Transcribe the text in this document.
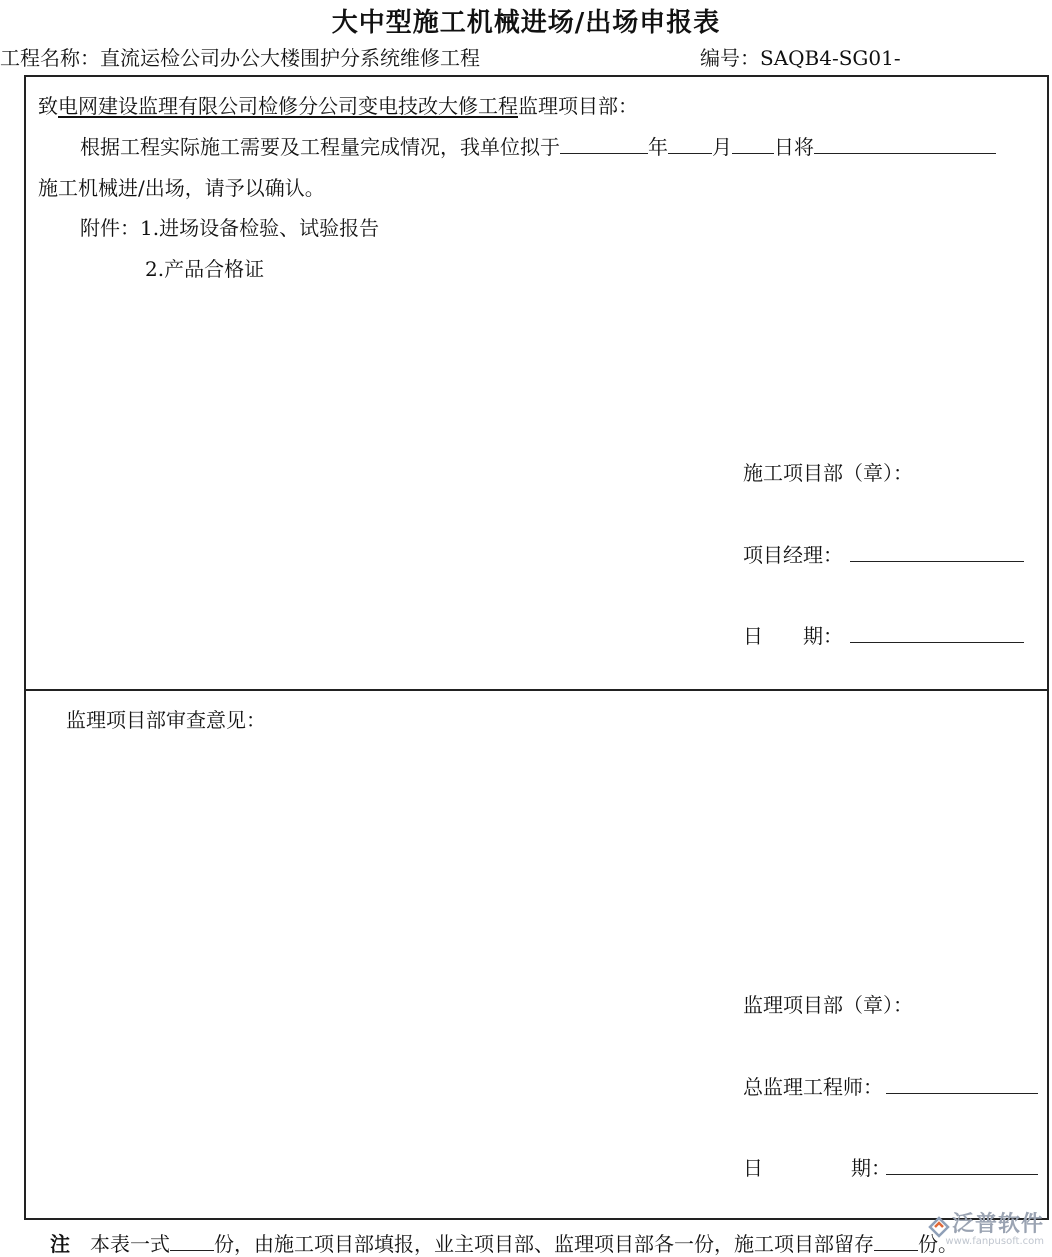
大中型施工机械进场/出场申报表
工程名称：直流运检公司办公大楼围护分系统维修工程	编号：SAQB4-SG01-
致电网建设监理有限公司检修分公司变电技改大修工程监理项目部：
根据工程实际施工需要及工程量完成情况，我单位拟于	年 月 日将
施工机械进/出场，请予以确认。
附件：1.进场设备检验、试验报告
2.产品合格证
施工项目部（章）：
项目经理：
日　　期：
监理项目部审查意见：
监理项目部（章）：
总监理工程师：
日	期：
注 本表一式 份，由施工项目部填报，业主项目部、监理项目部各一份，施工项目部留存 份。
泛普软件
www.fanpusoft.com
